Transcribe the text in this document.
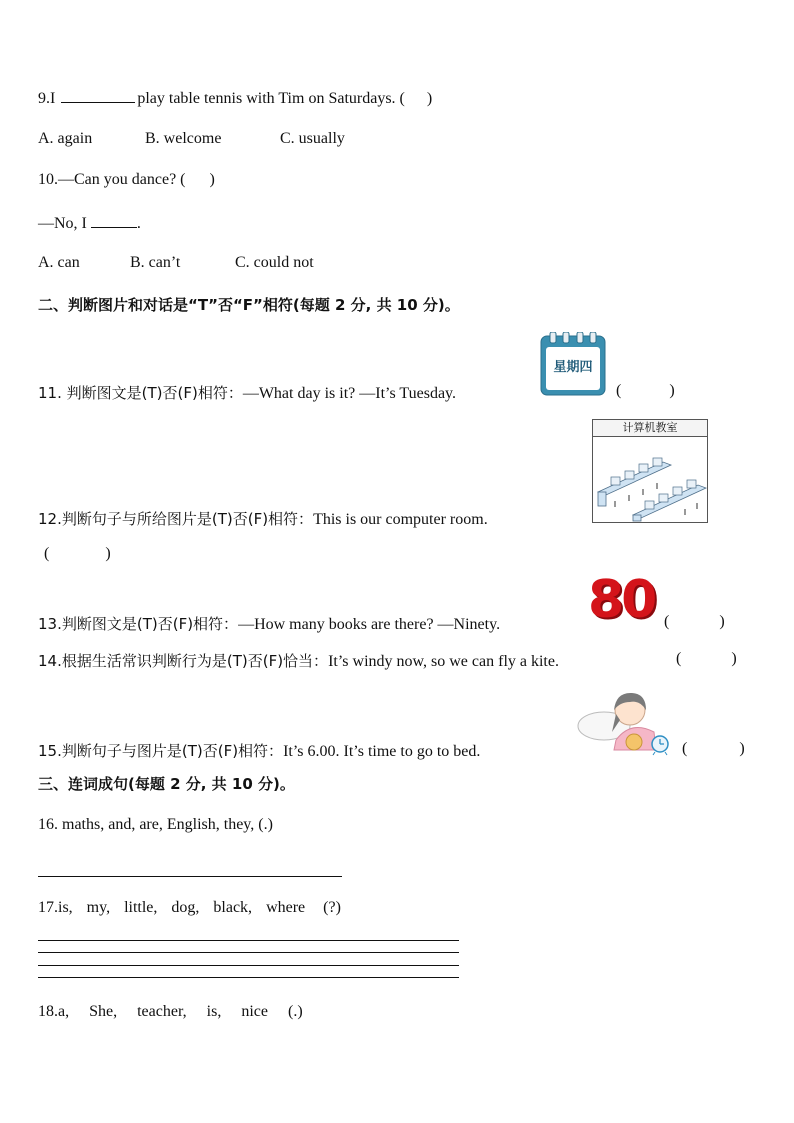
9.I	play table tennis with Tim on Saturdays. ( )
A. again	B. welcome	C. usually
10.—Can you dance? ( )
—No, I	.
A. can	B. can’t	C. could not
二、判断图片和对话是“T”否“F”相符(每题 2 分, 共 10 分)。
11. 判断图文是(T)否(F)相符：—What day is it? —It’s Tuesday.
星期四
(	)
计算机教室
12.判断句子与所给图片是(T)否(F)相符：This is our computer room.
(	)
13.判断图文是(T)否(F)相符：—How many books are there? —Ninety. 80 (	)
14.根据生活常识判断行为是(T)否(F)恰当：It’s windy now, so we can fly a kite.	(	)
15.判断句子与图片是(T)否(F)相符：It’s 6.00. It’s time to go to bed.	(	)
三、连词成句(每题 2 分, 共 10 分)。
16. maths, and, are, English, they, (.)
17.is, my, little, dog, black, where (?)
18.a, She, teacher, is, nice (.)
